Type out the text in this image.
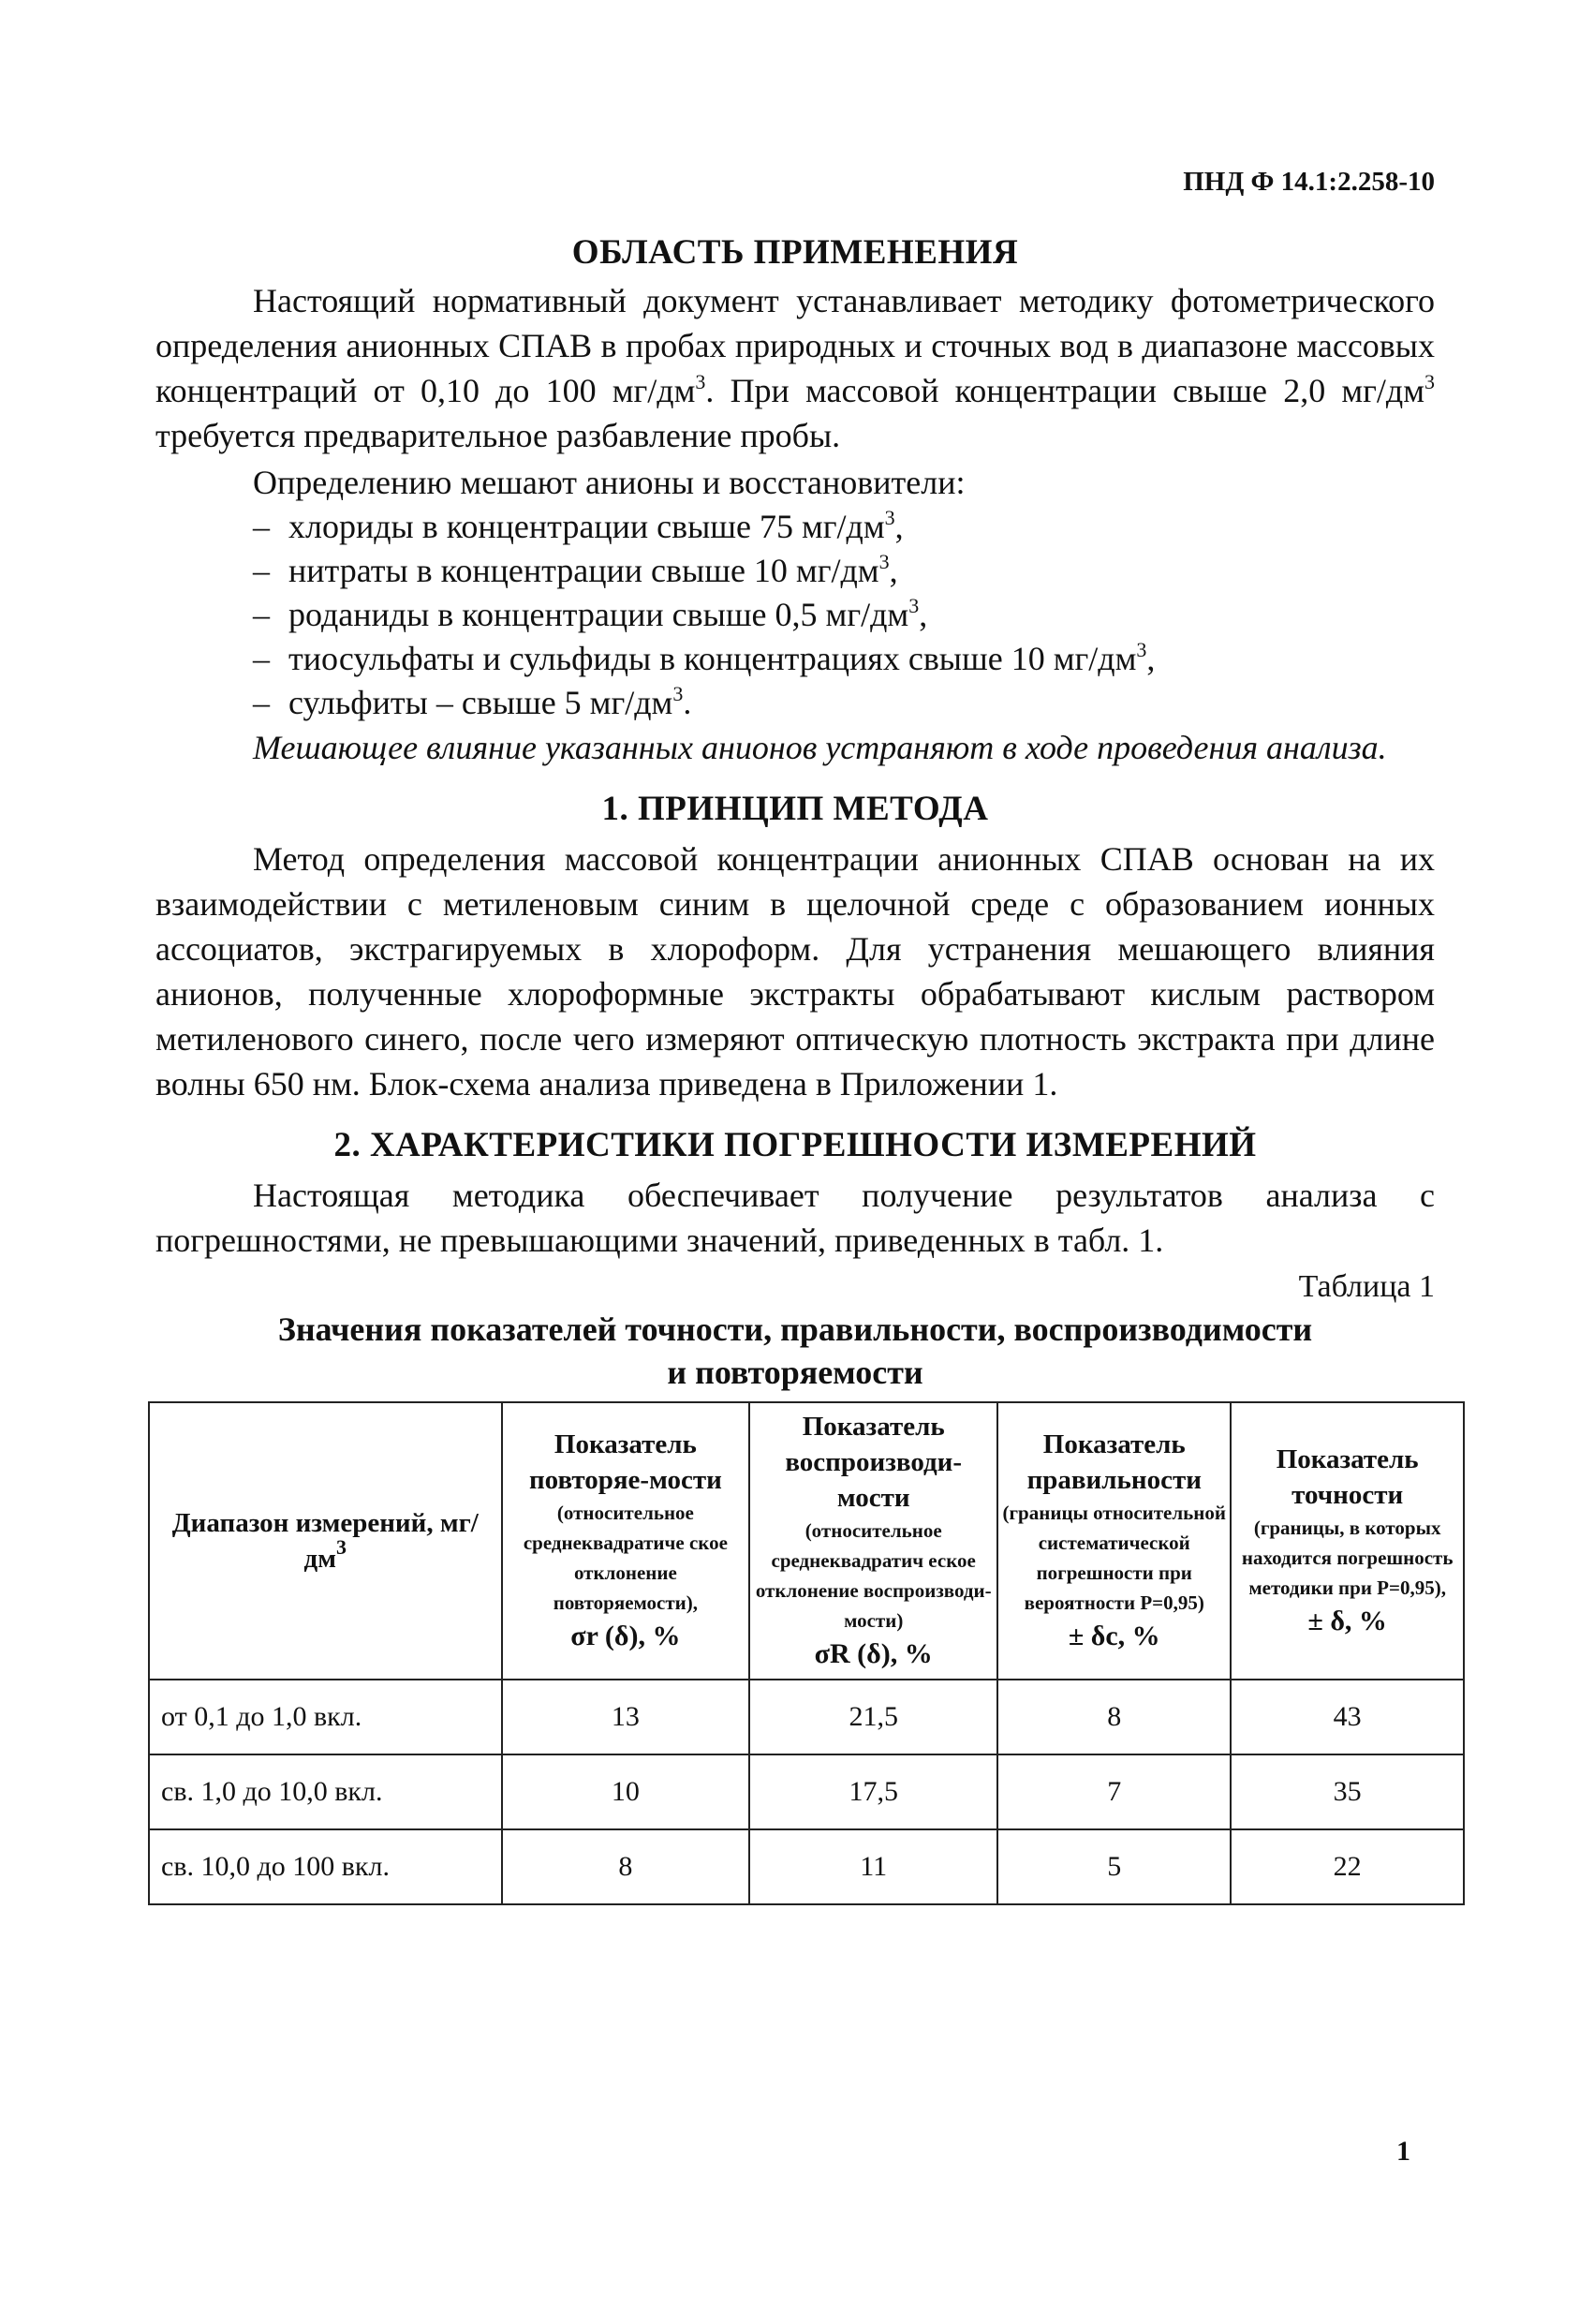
ПНД Ф 14.1:2.258-10
ОБЛАСТЬ ПРИМЕНЕНИЯ

Настоящий нормативный документ устанавливает методику фотометрического определения анионных СПАВ в пробах природных и сточных вод в диапазоне массовых концентраций от 0,10 до 100 $мг/дм^3$. При массовой концентрации свыше 2,0 $мг/дм^3$ требуется предварительное разбавление пробы.

Определению мешают анионы и восстановители:

– хлориды в концентрации свыше 75 $мг/дм^3$,
– нитраты в концентрации свыше 10 $мг/дм^3$,
– роданиды в концентрации свыше 0,5 $мг/дм^3$,
– тиосульфаты и сульфиды в концентрациях свыше 10 $мг/дм^3$,
– сульфиты – свыше 5 $мг/дм^3$.

Мешающее влияние указанных анионов устраняют в ходе проведения анализа.

1. ПРИНЦИП МЕТОДА

Метод определения массовой концентрации анионных СПАВ основан на их взаимодействии с метиленовым синим в щелочной среде с образованием ионных ассоциатов, экстрагируемых в хлороформ. Для устранения мешающего влияния анионов, полученные хлороформные экстракты обрабатывают кислым раствором метиленового синего, после чего измеряют оптическую плотность экстракта при длине волны 650 нм. Блок-схема анализа приведена в Приложении 1.

2. ХАРАКТЕРИСТИКИ ПОГРЕШНОСТИ ИЗМЕРЕНИЙ

Настоящая методика обеспечивает получение результатов анализа с погрешностями, не превышающими значений, приведенных в табл. 1.

Таблица 1
Значения показателей точности, правильности, воспроизводимости
и повторяемости
Диапазон измерений, $мг/дм^3$	Показатель повторяе-мости
(относительное среднеквадратиче ское отклонение повторяемости),
σr (δ), %	Показатель воспроизводи-мости
(относительное среднеквадратич еское отклонение воспроизводи-мости)
σR (δ), %	Показатель правильности
(границы относительной систематической погрешности при вероятности Р=0,95)
± δc, %	Показатель точности
(границы, в которых находится погрешность методики при Р=0,95),
± δ, %

от 0,1 до 1,0 вкл.	13	21,5	8	43
св. 1,0 до 10,0 вкл.	10	17,5	7	35
св. 10,0 до 100 вкл.	8	11	5	22
1
